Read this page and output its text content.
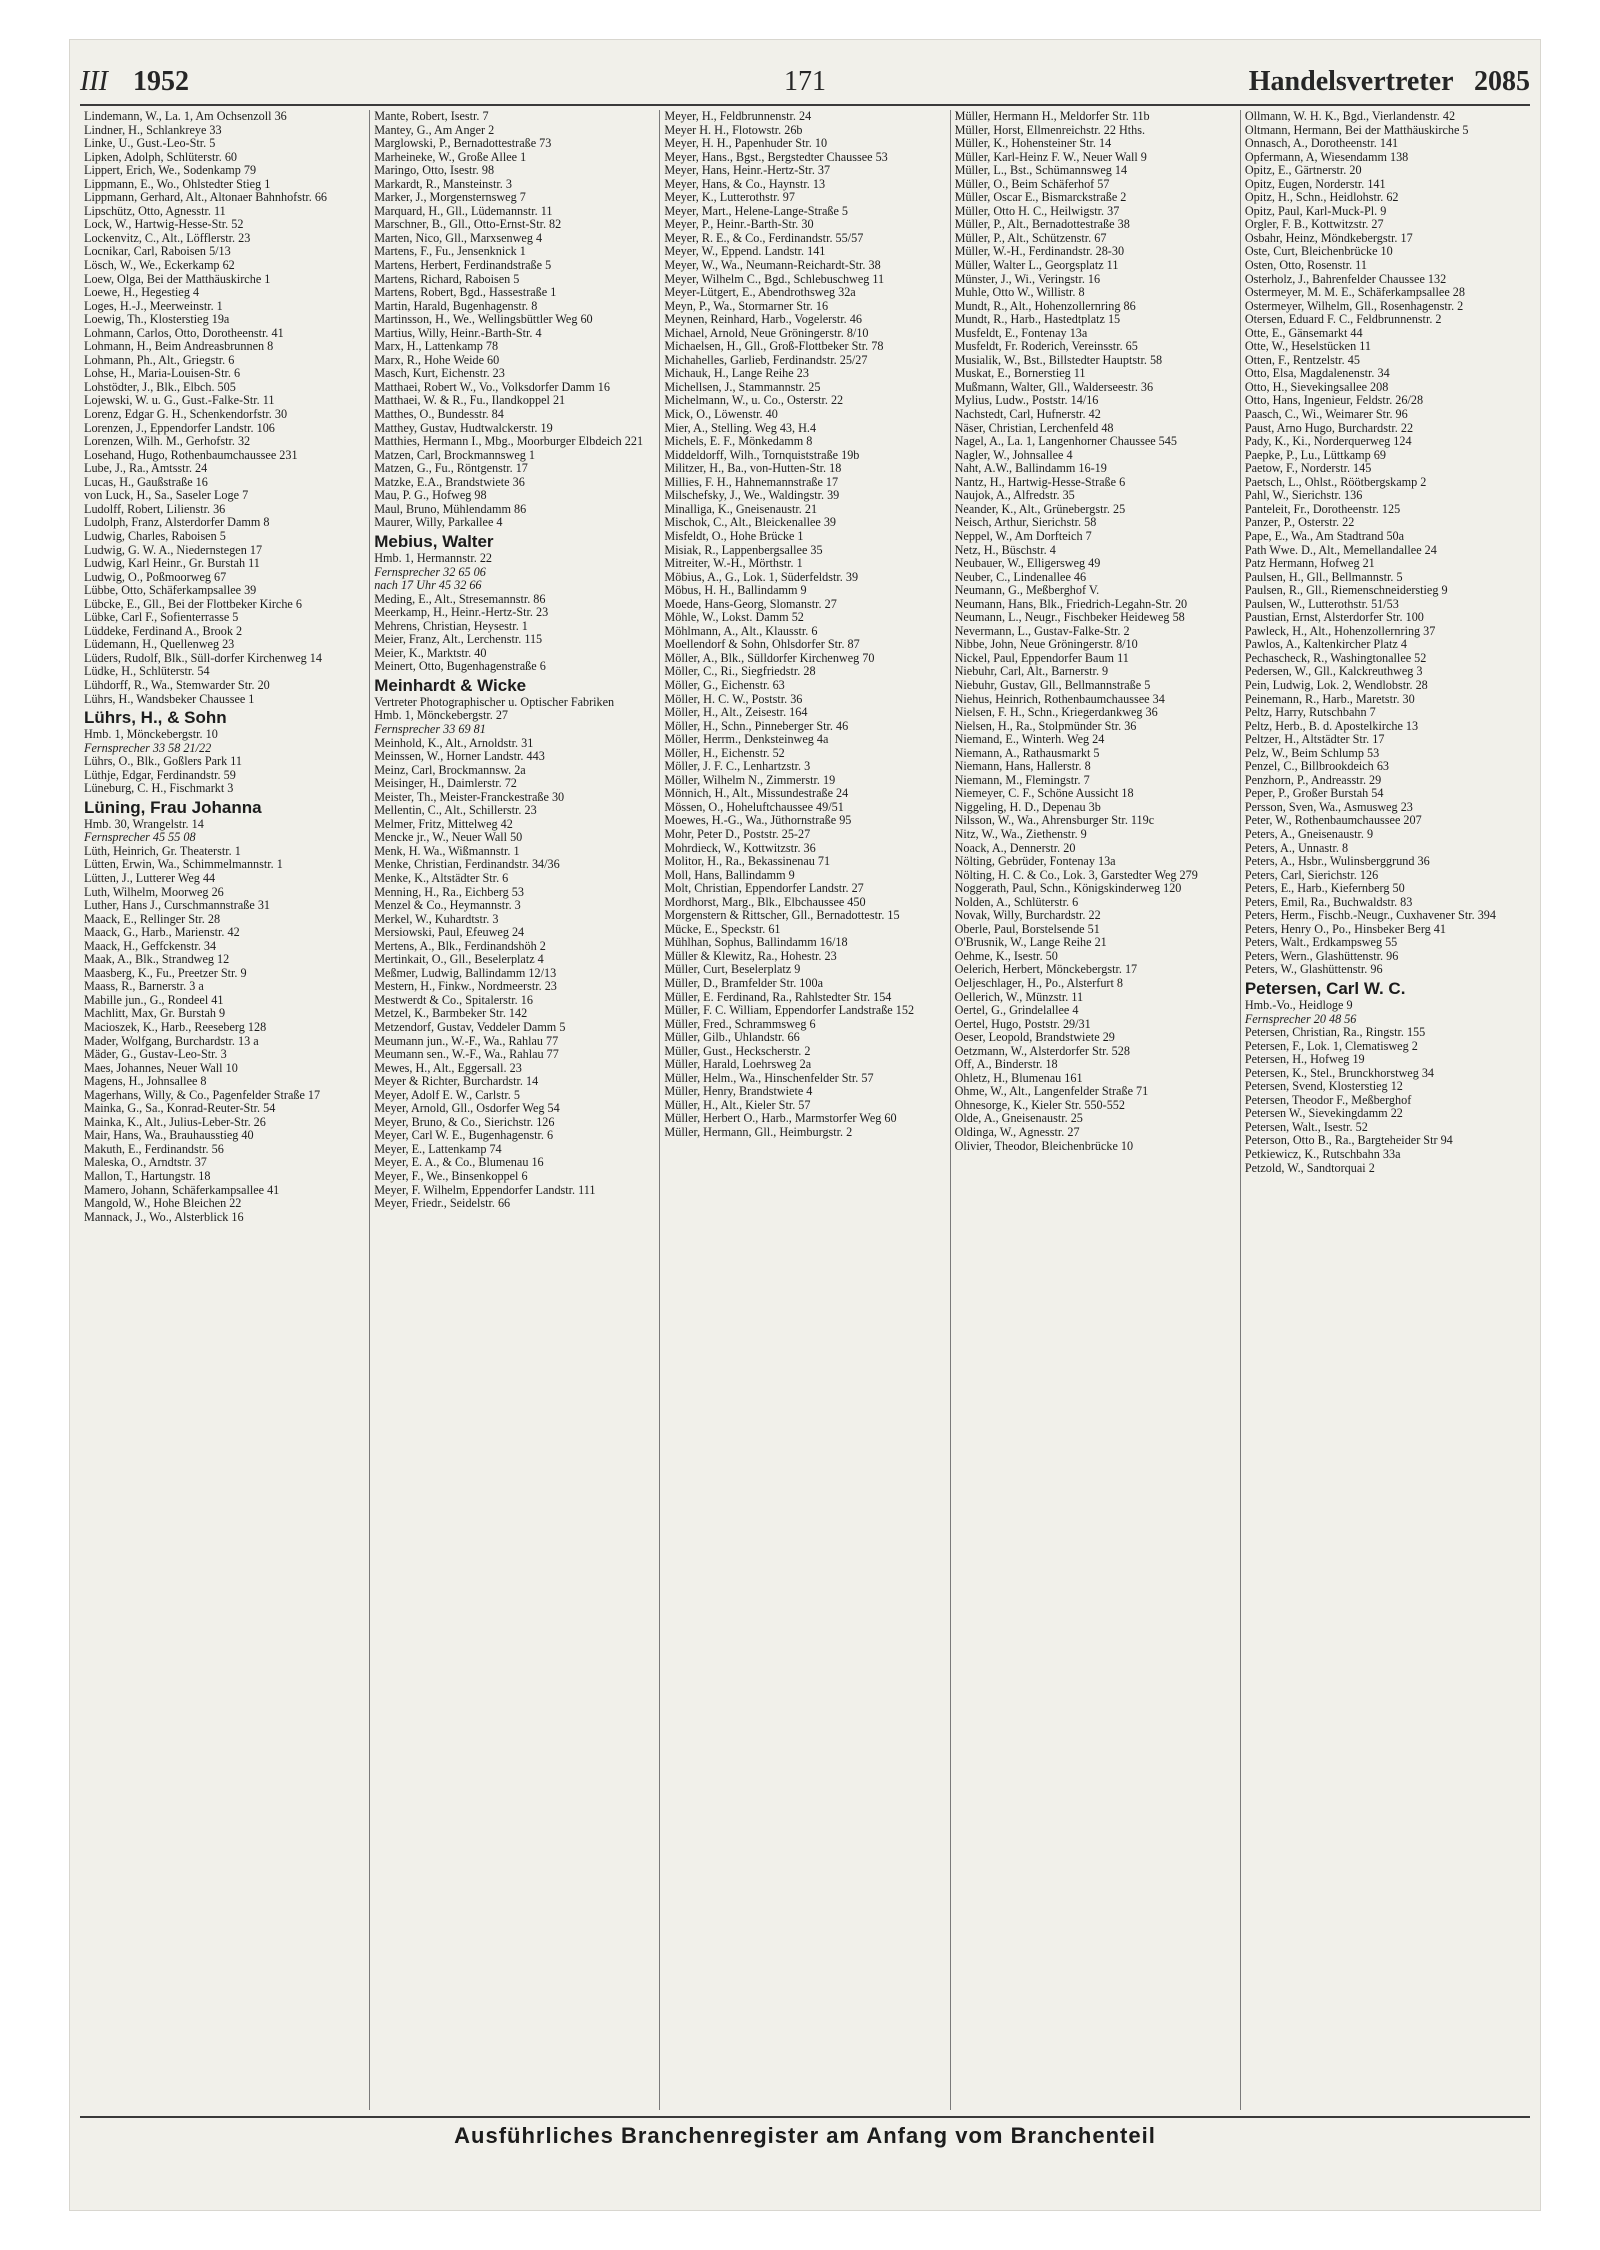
III 1952	171	Handelsvertreter 2085
Lindemann, W., La. 1, Am Ochsenzoll 36
Lindner, H., Schlankreye 33
Linke, U., Gust.-Leo-Str. 5
Lipken, Adolph, Schlüterstr. 60
Lippert, Erich, We., Sodenkamp 79
Lippmann, E., Wo., Ohlstedter Stieg 1
Lippmann, Gerhard, Alt., Altonaer Bahnhofstr. 66
Lipschütz, Otto, Agnesstr. 11
Lock, W., Hartwig-Hesse-Str. 52
Lockenvitz, C., Alt., Löfflerstr. 23
Locnikar, Carl, Raboisen 5/13
Lösch, W., We., Eckerkamp 62
Loew, Olga, Bei der Matthäuskirche 1
Loewe, H., Hegestieg 4
Loges, H.-J., Meerweinstr. 1
Loewig, Th., Klosterstieg 19a
Lohmann, Carlos, Otto, Dorotheenstr. 41
Lohmann, H., Beim Andreasbrunnen 8
Lohmann, Ph., Alt., Griegstr. 6
Lohse, H., Maria-Louisen-Str. 6
Lohstödter, J., Blk., Elbch. 505
Lojewski, W. u. G., Gust.-Falke-Str. 11
Lorenz, Edgar G. H., Schenkendorfstr. 30
Lorenzen, J., Eppendorfer Landstr. 106
Lorenzen, Wilh. M., Gerhofstr. 32
Losehand, Hugo, Rothenbaumchaussee 231
Lube, J., Ra., Amtsstr. 24
Lucas, H., Gaußstraße 16
von Luck, H., Sa., Saseler Loge 7
Ludolff, Robert, Lilienstr. 36
Ludolph, Franz, Alsterdorfer Damm 8
Ludwig, Charles, Raboisen 5
Ludwig, G. W. A., Niedernstegen 17
Ludwig, Karl Heinr., Gr. Burstah 11
Ludwig, O., Poßmoorweg 67
Lübbe, Otto, Schäferkampsallee 39
Lübcke, E., Gll., Bei der Flottbeker Kirche 6
Lübke, Carl F., Sofienterrasse 5
Lüddeke, Ferdinand A., Brook 2
Lüdemann, H., Quellenweg 23
Lüders, Rudolf, Blk., Süll-dorfer Kirchenweg 14
Lüdke, H., Schlüterstr. 54
Lühdorff, R., Wa., Stemwarder Str. 20
Lührs, H., Wandsbeker Chaussee 1
Lührs, H., & Sohn
Hmb. 1, Mönckebergstr. 10
Fernsprecher 33 58 21/22
Lührs, O., Blk., Goßlers Park 11
Lüthje, Edgar, Ferdinandstr. 59
Lüneburg, C. H., Fischmarkt 3
Lüning, Frau Johanna
Hmb. 30, Wrangelstr. 14
Fernsprecher 45 55 08
Lüth, Heinrich, Gr. Theaterstr. 1
Lütten, Erwin, Wa., Schimmelmannstr. 1
Lütten, J., Lutterer Weg 44
Luth, Wilhelm, Moorweg 26
Luther, Hans J., Curschmannstraße 31
Maack, E., Rellinger Str. 28
Maack, G., Harb., Marienstr. 42
Maack, H., Geffckenstr. 34
Maak, A., Blk., Strandweg 12
Maasberg, K., Fu., Preetzer Str. 9
Maass, R., Barnerstr. 3 a
Mabille jun., G., Rondeel 41
Machlitt, Max, Gr. Burstah 9
Macioszek, K., Harb., Reeseberg 128
Mader, Wolfgang, Burchardstr. 13 a
Mäder, G., Gustav-Leo-Str. 3
Maes, Johannes, Neuer Wall 10
Magens, H., Johnsallee 8
Magerhans, Willy, & Co., Pagenfelder Straße 17
Mainka, G., Sa., Konrad-Reuter-Str. 54
Mainka, K., Alt., Julius-Leber-Str. 26
Mair, Hans, Wa., Brauhausstieg 40
Makuth, E., Ferdinandstr. 56
Maleska, O., Arndtstr. 37
Mallon, T., Hartungstr. 18
Mamero, Johann, Schäferkampsallee 41
Mangold, W., Hohe Bleichen 22
Mannack, J., Wo., Alsterblick 16
Mante, Robert, Isestr. 7
Mantey, G., Am Anger 2
Marglowski, P., Bernadottestraße 73
Marheineke, W., Große Allee 1
Maringo, Otto, Isestr. 98
Markardt, R., Mansteinstr. 3
Marker, J., Morgensternsweg 7
Marquard, H., Gll., Lüdemannstr. 11
Marschner, B., Gll., Otto-Ernst-Str. 82
Marten, Nico, Gll., Marxsenweg 4
Martens, F., Fu., Jensenknick 1
Martens, Herbert, Ferdinandstraße 5
Martens, Richard, Raboisen 5
Martens, Robert, Bgd., Hassestraße 1
Martin, Harald, Bugenhagenstr. 8
Martinsson, H., We., Wellingsbüttler Weg 60
Martius, Willy, Heinr.-Barth-Str. 4
Marx, H., Lattenkamp 78
Marx, R., Hohe Weide 60
Masch, Kurt, Eichenstr. 23
Matthaei, Robert W., Vo., Volksdorfer Damm 16
Matthaei, W. & R., Fu., Ilandkoppel 21
Matthes, O., Bundesstr. 84
Matthey, Gustav, Hudtwalckerstr. 19
Matthies, Hermann I., Mbg., Moorburger Elbdeich 221
Matzen, Carl, Brockmannsweg 1
Matzen, G., Fu., Röntgenstr. 17
Matzke, E.A., Brandstwiete 36
Mau, P. G., Hofweg 98
Maul, Bruno, Mühlendamm 86
Maurer, Willy, Parkallee 4
Mebius, Walter
Hmb. 1, Hermannstr. 22
Fernsprecher 32 65 06
nach 17 Uhr 45 32 66
Meding, E., Alt., Stresemannstr. 86
Meerkamp, H., Heinr.-Hertz-Str. 23
Mehrens, Christian, Heysestr. 1
Meier, Franz, Alt., Lerchenstr. 115
Meier, K., Marktstr. 40
Meinert, Otto, Bugenhagenstraße 6
Meinhardt & Wicke
Vertreter Photographischer u. Optischer Fabriken
Hmb. 1, Mönckebergstr. 27
Fernsprecher 33 69 81
Meinhold, K., Alt., Arnoldstr. 31
Meinssen, W., Horner Landstr. 443
Meinz, Carl, Brockmannsw. 2a
Meisinger, H., Daimlerstr. 72
Meister, Th., Meister-Franckestraße 30
Mellentin, C., Alt., Schillerstr. 23
Melmer, Fritz, Mittelweg 42
Mencke jr., W., Neuer Wall 50
Menk, H. Wa., Wißmannstr. 1
Menke, Christian, Ferdinandstr. 34/36
Menke, K., Altstädter Str. 6
Menning, H., Ra., Eichberg 53
Menzel & Co., Heymannstr. 3
Merkel, W., Kuhardtstr. 3
Mersiowski, Paul, Efeuweg 24
Mertens, A., Blk., Ferdinandshöh 2
Mertinkait, O., Gll., Beselerplatz 4
Meßmer, Ludwig, Ballindamm 12/13
Mestern, H., Finkw., Nordmeerstr. 23
Mestwerdt & Co., Spitalerstr. 16
Metzel, K., Barmbeker Str. 142
Metzendorf, Gustav, Veddeler Damm 5
Meumann jun., W.-F., Wa., Rahlau 77
Meumann sen., W.-F., Wa., Rahlau 77
Mewes, H., Alt., Eggersall. 23
Meyer & Richter, Burchardstr. 14
Meyer, Adolf E. W., Carlstr. 5
Meyer, Arnold, Gll., Osdorfer Weg 54
Meyer, Bruno, & Co., Sierichstr. 126
Meyer, Carl W. E., Bugenhagenstr. 6
Meyer, E., Lattenkamp 74
Meyer, E. A., & Co., Blumenau 16
Meyer, F., We., Binsenkoppel 6
Meyer, F. Wilhelm, Eppendorfer Landstr. 111
Meyer, Friedr., Seidelstr. 66
Meyer, H., Feldbrunnenstr. 24
Meyer H. H., Flotowstr. 26b
Meyer, H. H., Papenhuder Str. 10
Meyer, Hans., Bgst., Bergstedter Chaussee 53
Meyer, Hans, Heinr.-Hertz-Str. 37
Meyer, Hans, & Co., Haynstr. 13
Meyer, K., Lutterothstr. 97
Meyer, Mart., Helene-Lange-Straße 5
Meyer, P., Heinr.-Barth-Str. 30
Meyer, R. E., & Co., Ferdinandstr. 55/57
Meyer, W., Eppend. Landstr. 141
Meyer, W., Wa., Neumann-Reichardt-Str. 38
Meyer, Wilhelm C., Bgd., Schlebuschweg 11
Meyer-Lütgert, E., Abendrothsweg 32a
Meyn, P., Wa., Stormarner Str. 16
Meynen, Reinhard, Harb., Vogelerstr. 46
Michael, Arnold, Neue Gröningerstr. 8/10
Michaelsen, H., Gll., Groß-Flottbeker Str. 78
Michahelles, Garlieb, Ferdinandstr. 25/27
Michauk, H., Lange Reihe 23
Michellsen, J., Stammannstr. 25
Michelmann, W., u. Co., Osterstr. 22
Mick, O., Löwenstr. 40
Mier, A., Stelling. Weg 43, H.4
Michels, E. F., Mönkedamm 8
Middeldorff, Wilh., Tornquiststraße 19b
Militzer, H., Ba., von-Hutten-Str. 18
Millies, F. H., Hahnemannstraße 17
Milschefsky, J., We., Waldingstr. 39
Minalliga, K., Gneisenaustr. 21
Mischok, C., Alt., Bleickenallee 39
Misfeldt, O., Hohe Brücke 1
Misiak, R., Lappenbergsallee 35
Mitreiter, W.-H., Mörthstr. 1
Möbius, A., G., Lok. 1, Süderfeldstr. 39
Möbus, H. H., Ballindamm 9
Moede, Hans-Georg, Slomanstr. 27
Möhle, W., Lokst. Damm 52
Möhlmann, A., Alt., Klausstr. 6
Moellendorf & Sohn, Ohlsdorfer Str. 87
Möller, A., Blk., Sülldorfer Kirchenweg 70
Möller, C., Ri., Siegfriedstr. 28
Möller, G., Eichenstr. 63
Möller, H. C. W., Poststr. 36
Möller, H., Alt., Zeisestr. 164
Möller, H., Schn., Pinneberger Str. 46
Möller, Herrm., Denksteinweg 4a
Möller, H., Eichenstr. 52
Möller, J. F. C., Lenhartzstr. 3
Möller, Wilhelm N., Zimmerstr. 19
Mönnich, H., Alt., Missundestraße 24
Mössen, O., Hoheluftchaussee 49/51
Moewes, H.-G., Wa., Jüthornstraße 95
Mohr, Peter D., Poststr. 25-27
Mohrdieck, W., Kottwitzstr. 36
Molitor, H., Ra., Bekassinenau 71
Moll, Hans, Ballindamm 9
Molt, Christian, Eppendorfer Landstr. 27
Mordhorst, Marg., Blk., Elbchaussee 450
Morgenstern & Rittscher, Gll., Bernadottestr. 15
Mücke, E., Speckstr. 61
Mühlhan, Sophus, Ballindamm 16/18
Müller & Klewitz, Ra., Hohestr. 23
Müller, Curt, Beselerplatz 9
Müller, D., Bramfelder Str. 100a
Müller, E. Ferdinand, Ra., Rahlstedter Str. 154
Müller, F. C. William, Eppendorfer Landstraße 152
Müller, Fred., Schrammsweg 6
Müller, Gilb., Uhlandstr. 66
Müller, Gust., Heckscherstr. 2
Müller, Harald, Loehrsweg 2a
Müller, Helm., Wa., Hinschenfelder Str. 57
Müller, Henry, Brandstwiete 4
Müller, H., Alt., Kieler Str. 57
Müller, Herbert O., Harb., Marmstorfer Weg 60
Müller, Hermann, Gll., Heimburgstr. 2
Müller, Hermann H., Meldorfer Str. 11b
Müller, Horst, Ellmenreichstr. 22 Hths.
Müller, K., Hohensteiner Str. 14
Müller, Karl-Heinz F. W., Neuer Wall 9
Müller, L., Bst., Schümannsweg 14
Müller, O., Beim Schäferhof 57
Müller, Oscar E., Bismarckstraße 2
Müller, Otto H. C., Heilwigstr. 37
Müller, P., Alt., Bernadottestraße 38
Müller, P., Alt., Schützenstr. 67
Müller, W.-H., Ferdinandstr. 28-30
Müller, Walter L., Georgsplatz 11
Münster, J., Wi., Veringstr. 16
Muhle, Otto W., Willistr. 8
Mundt, R., Alt., Hohenzollernring 86
Mundt, R., Harb., Hastedtplatz 15
Musfeldt, E., Fontenay 13a
Musfeldt, Fr. Roderich, Vereinsstr. 65
Musialik, W., Bst., Billstedter Hauptstr. 58
Muskat, E., Bornerstieg 11
Mußmann, Walter, Gll., Walderseestr. 36
Mylius, Ludw., Poststr. 14/16
Nachstedt, Carl, Hufnerstr. 42
Näser, Christian, Lerchenfeld 48
Nagel, A., La. 1, Langenhorner Chaussee 545
Nagler, W., Johnsallee 4
Naht, A.W., Ballindamm 16-19
Nantz, H., Hartwig-Hesse-Straße 6
Naujok, A., Alfredstr. 35
Neander, K., Alt., Grünebergstr. 25
Neisch, Arthur, Sierichstr. 58
Neppel, W., Am Dorfteich 7
Netz, H., Büschstr. 4
Neubauer, W., Elligersweg 49
Neuber, C., Lindenallee 46
Neumann, G., Meßberghof V.
Neumann, Hans, Blk., Friedrich-Legahn-Str. 20
Neumann, L., Neugr., Fischbeker Heideweg 58
Nevermann, L., Gustav-Falke-Str. 2
Nibbe, John, Neue Gröningerstr. 8/10
Nickel, Paul, Eppendorfer Baum 11
Niebuhr, Carl, Alt., Barnerstr. 9
Niebuhr, Gustav, Gll., Bellmannstraße 5
Niehus, Heinrich, Rothenbaumchaussee 34
Nielsen, F. H., Schn., Kriegerdankweg 36
Nielsen, H., Ra., Stolpmünder Str. 36
Niemand, E., Winterh. Weg 24
Niemann, A., Rathausmarkt 5
Niemann, Hans, Hallerstr. 8
Niemann, M., Flemingstr. 7
Niemeyer, C. F., Schöne Aussicht 18
Niggeling, H. D., Depenau 3b
Nilsson, W., Wa., Ahrensburger Str. 119c
Nitz, W., Wa., Ziethenstr. 9
Noack, A., Dennerstr. 20
Nölting, Gebrüder, Fontenay 13a
Nölting, H. C. & Co., Lok. 3, Garstedter Weg 279
Noggerath, Paul, Schn., Königskinderweg 120
Nolden, A., Schlüterstr. 6
Novak, Willy, Burchardstr. 22
Oberle, Paul, Borstelsende 51
O'Brusnik, W., Lange Reihe 21
Oehme, K., Isestr. 50
Oelerich, Herbert, Mönckebergstr. 17
Oeljeschlager, H., Po., Alsterfurt 8
Oellerich, W., Münzstr. 11
Oertel, G., Grindelallee 4
Oertel, Hugo, Poststr. 29/31
Oeser, Leopold, Brandstwiete 29
Oetzmann, W., Alsterdorfer Str. 528
Off, A., Binderstr. 18
Ohletz, H., Blumenau 161
Ohme, W., Alt., Langenfelder Straße 71
Ohnesorge, K., Kieler Str. 550-552
Olde, A., Gneisenaustr. 25
Oldinga, W., Agnesstr. 27
Olivier, Theodor, Bleichenbrücke 10
Ollmann, W. H. K., Bgd., Vierlandenstr. 42
Oltmann, Hermann, Bei der Matthäuskirche 5
Onnasch, A., Dorotheenstr. 141
Opfermann, A, Wiesendamm 138
Opitz, E., Gärtnerstr. 20
Opitz, Eugen, Norderstr. 141
Opitz, H., Schn., Heidlohstr. 62
Opitz, Paul, Karl-Muck-Pl. 9
Orgler, F. B., Kottwitzstr. 27
Osbahr, Heinz, Möndkebergstr. 17
Oste, Curt, Bleichenbrücke 10
Osten, Otto, Rosenstr. 11
Osterholz, J., Bahrenfelder Chaussee 132
Ostermeyer, M. M. E., Schäferkampsallee 28
Ostermeyer, Wilhelm, Gll., Rosenhagenstr. 2
Otersen, Eduard F. C., Feldbrunnenstr. 2
Otte, E., Gänsemarkt 44
Otte, W., Heselstücken 11
Otten, F., Rentzelstr. 45
Otto, Elsa, Magdalenenstr. 34
Otto, H., Sievekingsallee 208
Otto, Hans, Ingenieur, Feldstr. 26/28
Paasch, C., Wi., Weimarer Str. 96
Paust, Arno Hugo, Burchardstr. 22
Pady, K., Ki., Norderquerweg 124
Paepke, P., Lu., Lüttkamp 69
Paetow, F., Norderstr. 145
Paetsch, L., Ohlst., Röötbergskamp 2
Pahl, W., Sierichstr. 136
Panteleit, Fr., Dorotheenstr. 125
Panzer, P., Osterstr. 22
Pape, E., Wa., Am Stadtrand 50a
Path Wwe. D., Alt., Memellandallee 24
Patz Hermann, Hofweg 21
Paulsen, H., Gll., Bellmannstr. 5
Paulsen, R., Gll., Riemenschneiderstieg 9
Paulsen, W., Lutterothstr. 51/53
Paustian, Ernst, Alsterdorfer Str. 100
Pawleck, H., Alt., Hohenzollernring 37
Pawlos, A., Kaltenkircher Platz 4
Pechascheck, R., Washingtonallee 52
Pedersen, W., Gll., Kalckreuthweg 3
Pein, Ludwig, Lok. 2, Wendlobstr. 28
Peinemann, R., Harb., Maretstr. 30
Peltz, Harry, Rutschbahn 7
Peltz, Herb., B. d. Apostelkirche 13
Peltzer, H., Altstädter Str. 17
Pelz, W., Beim Schlump 53
Penzel, C., Billbrookdeich 63
Penzhorn, P., Andreasstr. 29
Peper, P., Großer Burstah 54
Persson, Sven, Wa., Asmusweg 23
Peter, W., Rothenbaumchaussee 207
Peters, A., Gneisenaustr. 9
Peters, A., Unnastr. 8
Peters, A., Hsbr., Wulinsberggrund 36
Peters, Carl, Sierichstr. 126
Peters, E., Harb., Kiefernberg 50
Peters, Emil, Ra., Buchwaldstr. 83
Peters, Herm., Fischb.-Neugr., Cuxhavener Str. 394
Peters, Henry O., Po., Hinsbeker Berg 41
Peters, Walt., Erdkampsweg 55
Peters, Wern., Glashüttenstr. 96
Peters, W., Glashüttenstr. 96
Petersen, Carl W. C.
Hmb.-Vo., Heidloge 9
Fernsprecher 20 48 56
Petersen, Christian, Ra., Ringstr. 155
Petersen, F., Lok. 1, Clematisweg 2
Petersen, H., Hofweg 19
Petersen, K., Stel., Brunckhorstweg 34
Petersen, Svend, Klosterstieg 12
Petersen, Theodor F., Meßberghof
Petersen W., Sievekingdamm 22
Petersen, Walt., Isestr. 52
Peterson, Otto B., Ra., Bargteheider Str 94
Petkiewicz, K., Rutschbahn 33a
Petzold, W., Sandtorquai 2
Ausführliches Branchenregister am Anfang vom Branchenteil
